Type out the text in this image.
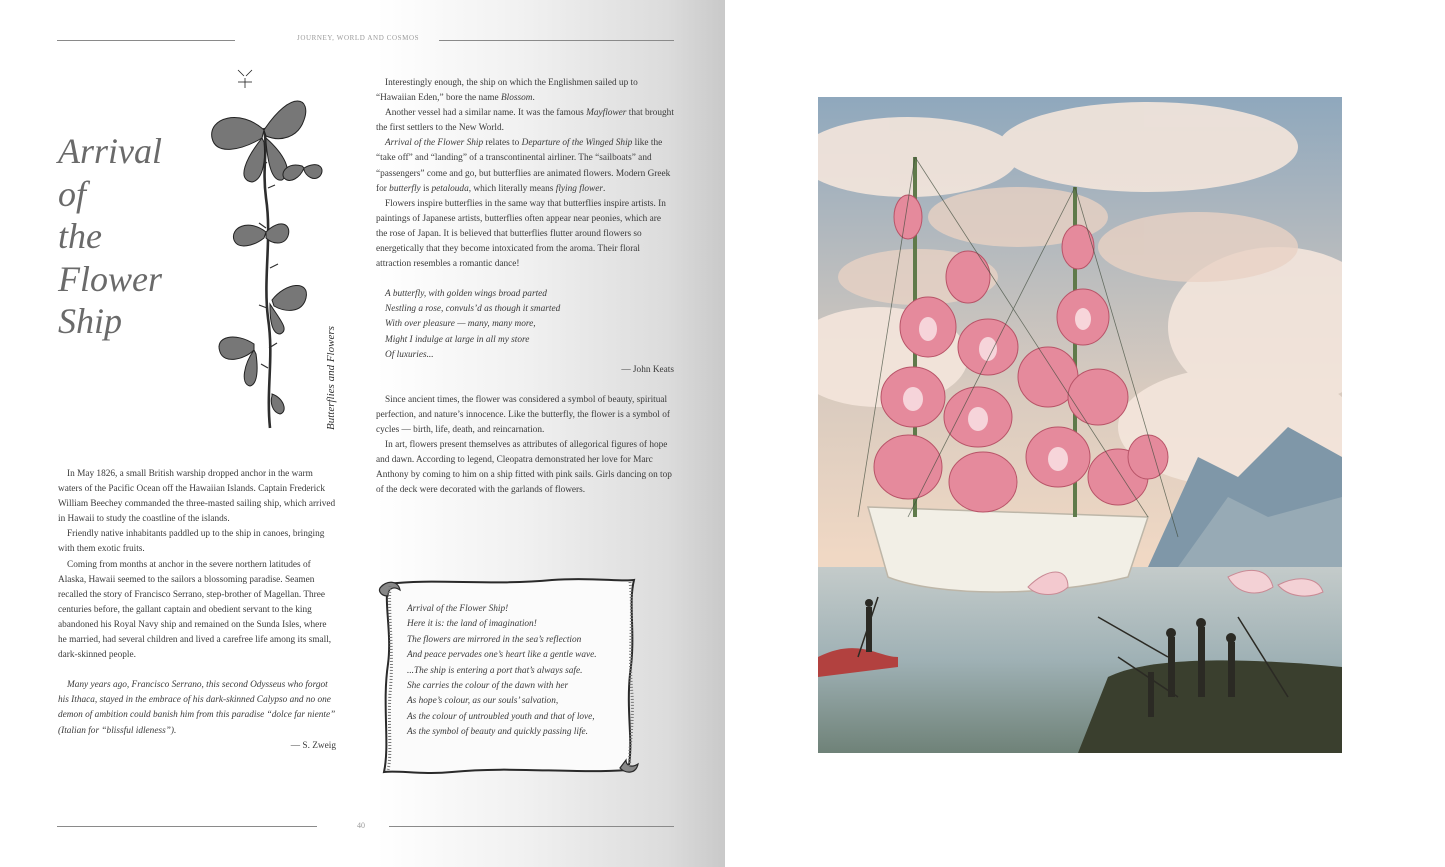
JOURNEY, WORLD AND COSMOS
Arrival
of
the
Flower
Ship
Butterflies and Flowers

In May 1826, a small British warship dropped anchor in the warm waters of the Pacific Ocean off the Hawaiian Islands. Captain Frederick William Beechey commanded the three-masted sailing ship, which arrived in Hawaii to study the coastline of the islands.

Friendly native inhabitants paddled up to the ship in canoes, bringing with them exotic fruits.

Coming from months at anchor in the severe northern latitudes of Alaska, Hawaii seemed to the sailors a blossoming paradise. Seamen recalled the story of Francisco Serrano, step-brother of Magellan. Three centuries before, the gallant captain and obedient servant to the king abandoned his Royal Navy ship and remained on the Sunda Isles, where he married, had several children and lived a carefree life among its small, dark-skinned people.

Many years ago, Francisco Serrano, this second Odysseus who forgot his Ithaca, stayed in the embrace of his dark-skinned Calypso and no one demon of ambition could banish him from this paradise “dolce far niente” (Italian for “blissful idleness”).

— S. Zweig

Interestingly enough, the ship on which the Englishmen sailed up to “Hawaiian Eden,” bore the name Blossom.

Another vessel had a similar name. It was the famous Mayflower that brought the first settlers to the New World.

Arrival of the Flower Ship relates to Departure of the Winged Ship like the “take off” and “landing” of a transcontinental airliner. The “sailboats” and “passengers” come and go, but butterflies are animated flowers. Modern Greek for butterfly is petalouda, which literally means flying flower.

Flowers inspire butterflies in the same way that butterflies inspire artists. In paintings of Japanese artists, butterflies often appear near peonies, which are the rose of Japan. It is believed that butterflies flutter around flowers so energetically that they become intoxicated from the aroma. Their floral attraction resembles a romantic dance!

A butterfly, with golden wings broad parted
Nestling a rose, convuls’d as though it smarted
With over pleasure — many, many more,
Might I indulge at large in all my store
Of luxuries...

— John Keats

Since ancient times, the flower was considered a symbol of beauty, spiritual perfection, and nature’s innocence. Like the butterfly, the flower is a symbol of cycles — birth, life, death, and reincarnation.

In art, flowers present themselves as attributes of allegorical figures of hope and dawn. According to legend, Cleopatra demonstrated her love for Marc Anthony by coming to him on a ship fitted with pink sails. Girls dancing on top of the deck were decorated with the garlands of flowers.

Arrival of the Flower Ship!
Here it is: the land of imagination!
The flowers are mirrored in the sea’s reflection
And peace pervades one’s heart like a gentle wave.
...The ship is entering a port that’s always safe.
She carries the colour of the dawn with her
As hope’s colour, as our souls’ salvation,
As the colour of untroubled youth and that of love,
As the symbol of beauty and quickly passing life.
40
